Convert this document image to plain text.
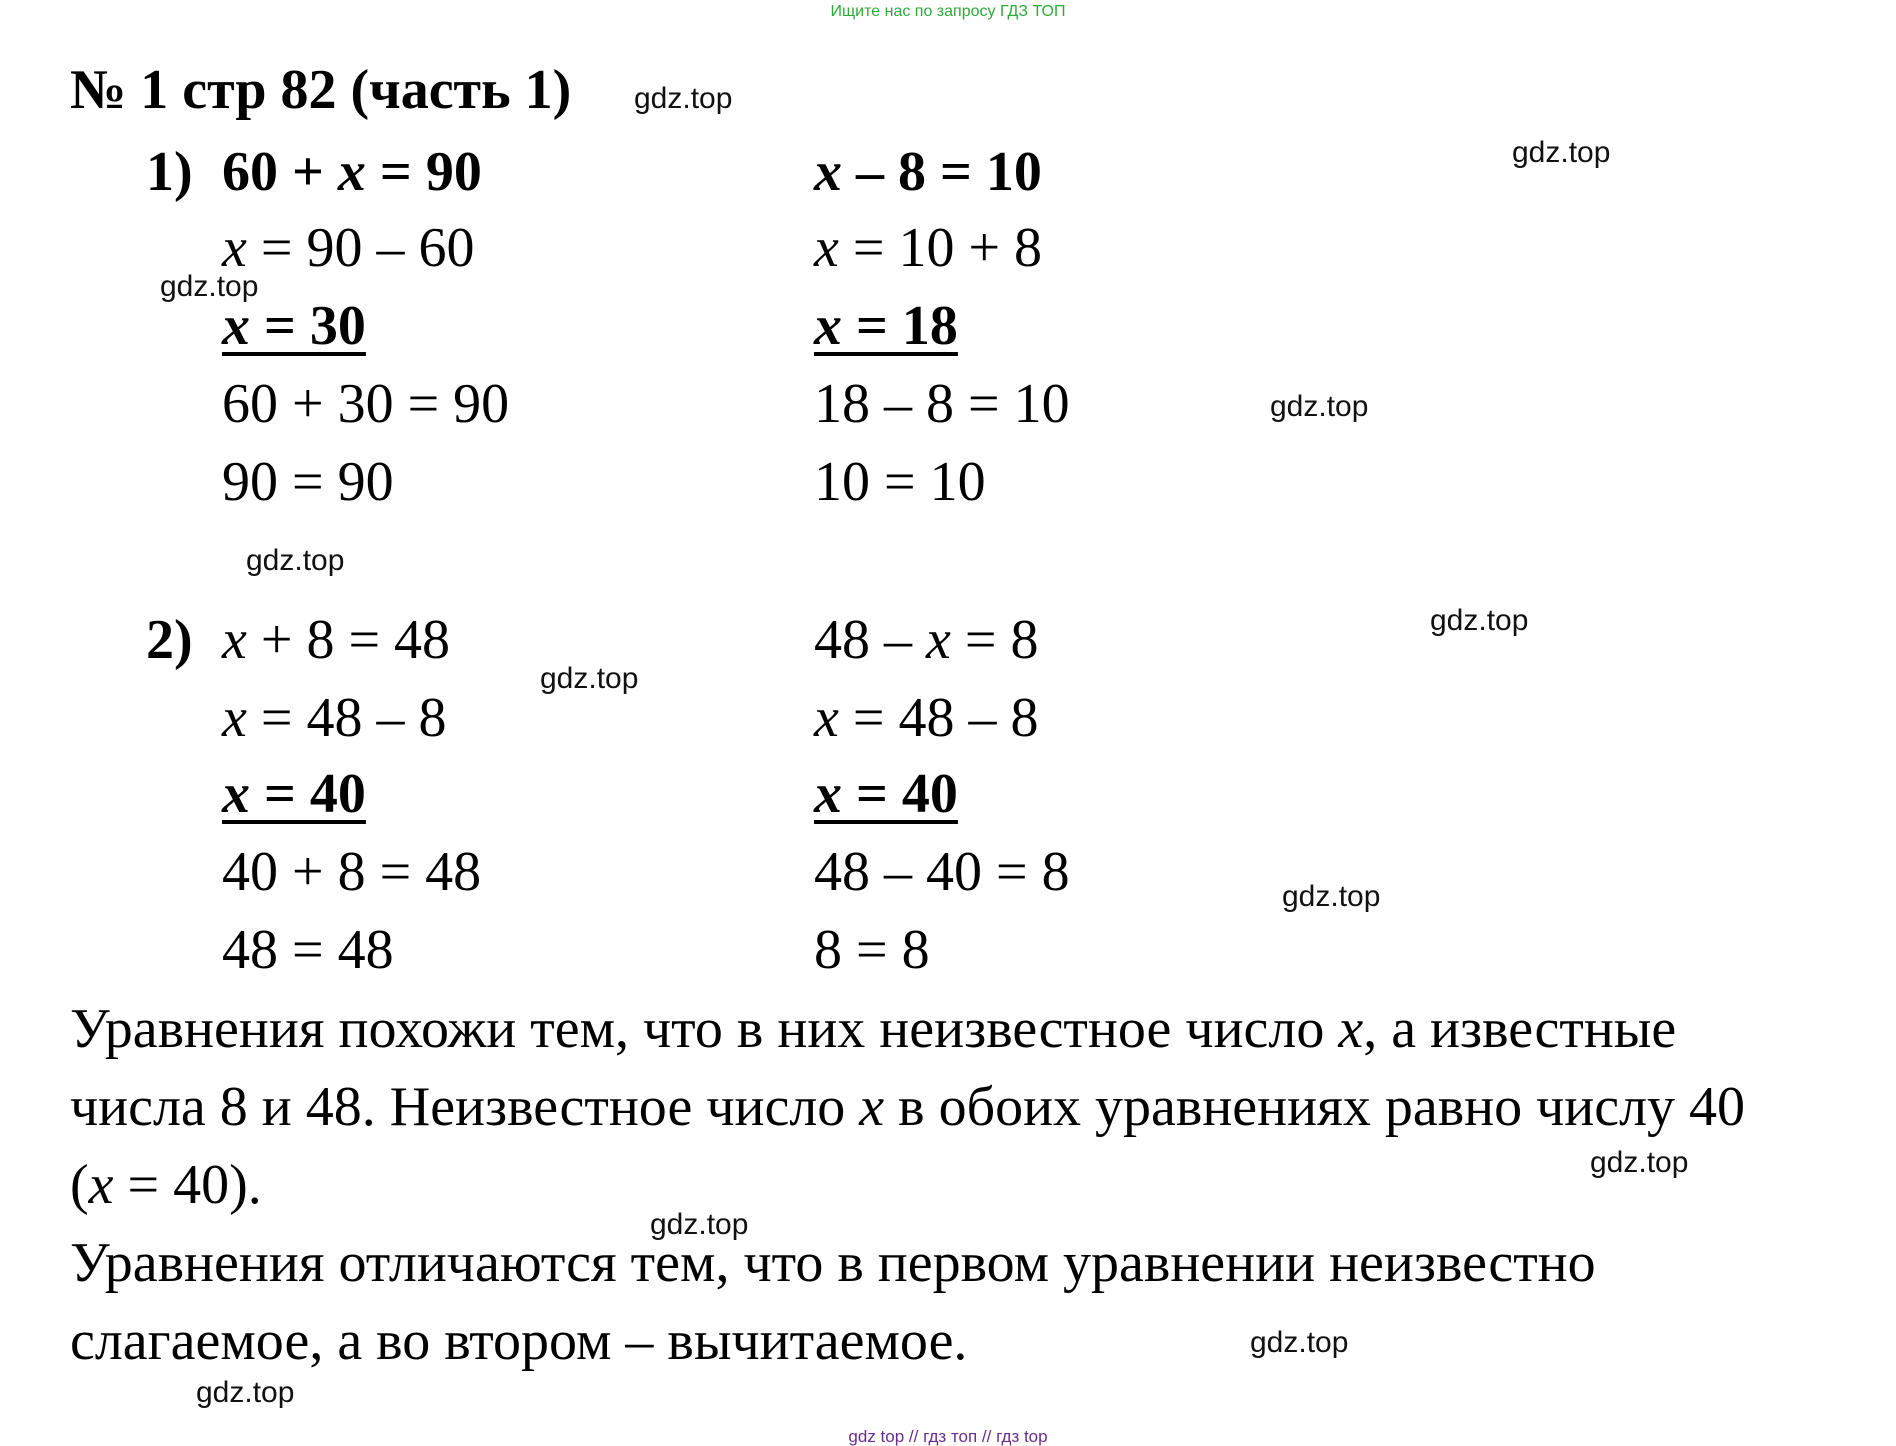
Ищите нас по запросу ГДЗ ТОП
№ 1 стр 82 (часть 1) gdz.top
gdz.top
gdz.top
gdz.top
gdz.top
gdz.top
gdz.top
gdz.top
gdz.top
gdz.top
gdz.top
gdz.top
1) 60 + x = 90
x = 90 – 60
x = 30
60 + 30 = 90
90 = 90
x – 8 = 10
x = 10 + 8
x = 18
18 – 8 = 10
10 = 10
2) x + 8 = 48
x = 48 – 8
x = 40
40 + 8 = 48
48 = 48
48 – x = 8
x = 48 – 8
x = 40
48 – 40 = 8
8 = 8
Уравнения похожи тем, что в них неизвестное число x, а известные
числа 8 и 48. Неизвестное число x в обоих уравнениях равно числу 40
(x = 40).
Уравнения отличаются тем, что в первом уравнении неизвестно
слагаемое, а во втором – вычитаемое.
gdz top // гдз топ // гдз top
